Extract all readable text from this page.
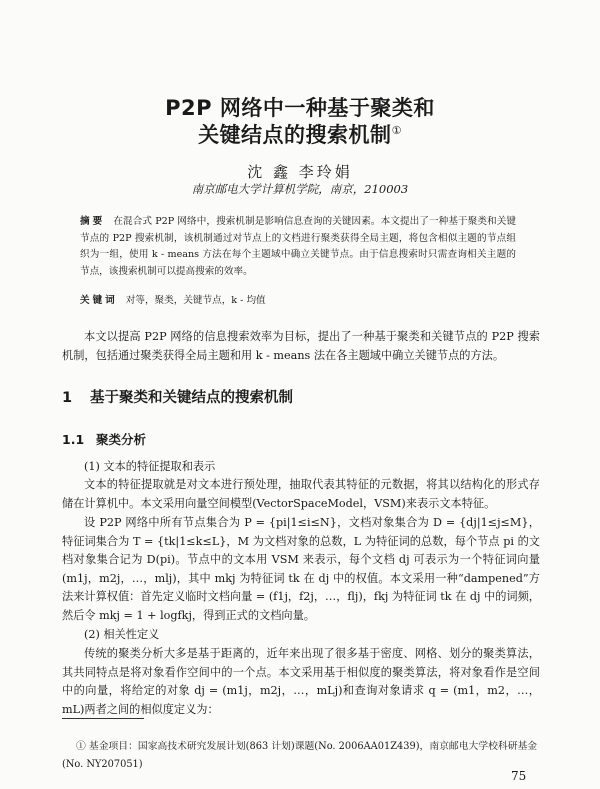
P2P 网络中一种基于聚类和
关键结点的搜索机制①
沈 鑫 李玲娟
南京邮电大学计算机学院，南京，210003
摘要 在混合式 P2P 网络中，搜索机制是影响信息查询的关键因素。本文提出了一种基于聚类和关键节点的 P2P 搜索机制，该机制通过对节点上的文档进行聚类获得全局主题，将包含相似主题的节点组织为一组，使用 k - means 方法在每个主题域中确立关键节点。由于信息搜索时只需查询相关主题的节点，该搜索机制可以提高搜索的效率。
关键词 对等，聚类，关键节点，k - 均值
本文以提高 P2P 网络的信息搜索效率为目标，提出了一种基于聚类和关键节点的 P2P 搜索机制，包括通过聚类获得全局主题和用 k - means 法在各主题域中确立关键节点的方法。
1 基于聚类和关键结点的搜索机制
1.1 聚类分析
(1) 文本的特征提取和表示
文本的特征提取就是对文本进行预处理，抽取代表其特征的元数据，将其以结构化的形式存储在计算机中。本文采用向量空间模型(VectorSpaceModel，VSM)来表示文本特征。
设 P2P 网络中所有节点集合为 P = {pi|1≤i≤N}，文档对象集合为 D = {dj|1≤j≤M}，特征词集合为 T = {tk|1≤k≤L}，M 为文档对象的总数，L 为特征词的总数，每个节点 pi 的文档对象集合记为 D(pi)。节点中的文本用 VSM 来表示，每个文档 dj 可表示为一个特征词向量(m1j，m2j，…，mlj)，其中 mkj 为特征词 tk 在 dj 中的权值。本文采用一种“dampened”方法来计算权值：首先定义临时文档向量 = (f1j，f2j，…，flj)，fkj 为特征词 tk 在 dj 中的词频，然后令 mkj = 1 + logfkj，得到正式的文档向量。
(2) 相关性定义
传统的聚类分析大多是基于距离的，近年来出现了很多基于密度、网格、划分的聚类算法，其共同特点是将对象看作空间中的一个点。本文采用基于相似度的聚类算法，将对象看作是空间中的向量，将给定的对象 dj = (m1j，m2j，…，mLj)和查询对象请求 q = (m1，m2，…，mL)两者之间的相似度定义为：
① 基金项目：国家高技术研究发展计划(863 计划)课题(No. 2006AA01Z439)，南京邮电大学校科研基金(No. NY207051)
75
